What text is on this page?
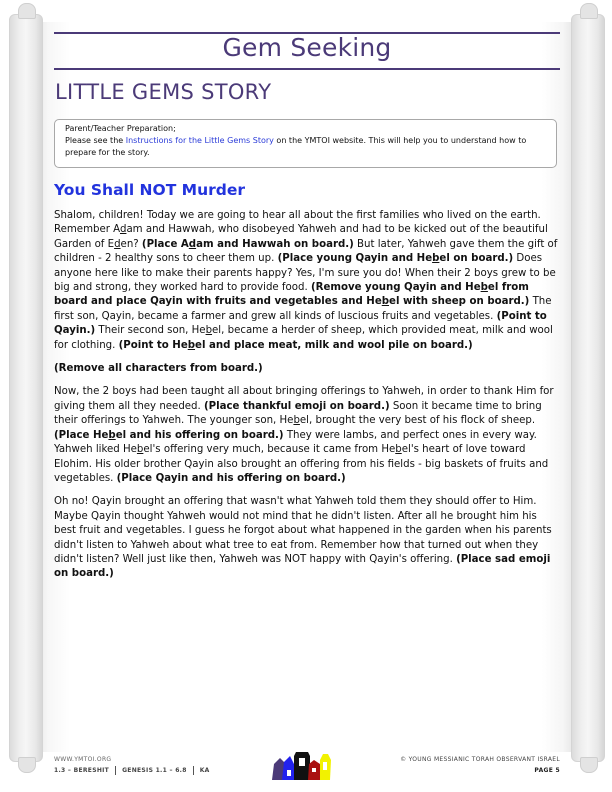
Gem Seeking
LITTLE GEMS STORY
Parent/Teacher Preparation;
Please see the Instructions for the Little Gems Story on the YMTOI website. This will help you to understand how to prepare for the story.
You Shall NOT Murder

Shalom, children! Today we are going to hear all about the first families who lived on the earth. Remember Adam and Hawwah, who disobeyed Yahweh and had to be kicked out of the beautiful Garden of Eden? (Place Adam and Hawwah on board.) But later, Yahweh gave them the gift of children - 2 healthy sons to cheer them up. (Place young Qayin and Hebel on board.) Does anyone here like to make their parents happy? Yes, I'm sure you do! When their 2 boys grew to be big and strong, they worked hard to provide food. (Remove young Qayin and Hebel from board and place Qayin with fruits and vegetables and Hebel with sheep on board.) The first son, Qayin, became a farmer and grew all kinds of luscious fruits and vegetables. (Point to Qayin.) Their second son, Hebel, became a herder of sheep, which provided meat, milk and wool for clothing. (Point to Hebel and place meat, milk and wool pile on board.)

(Remove all characters from board.)

Now, the 2 boys had been taught all about bringing offerings to Yahweh, in order to thank Him for giving them all they needed. (Place thankful emoji on board.) Soon it became time to bring their offerings to Yahweh. The younger son, Hebel, brought the very best of his flock of sheep. (Place Hebel and his offering on board.) They were lambs, and perfect ones in every way. Yahweh liked Hebel's offering very much, because it came from Hebel's heart of love toward Elohim. His older brother Qayin also brought an offering from his fields - big baskets of fruits and vegetables. (Place Qayin and his offering on board.)

Oh no! Qayin brought an offering that wasn't what Yahweh told them they should offer to Him. Maybe Qayin thought Yahweh would not mind that he didn't listen. After all he brought him his best fruit and vegetables. I guess he forgot about what happened in the garden when his parents didn't listen to Yahweh about what tree to eat from. Remember how that turned out when they didn't listen? Well just like then, Yahweh was NOT happy with Qayin's offering. (Place sad emoji on board.)

WWW.YMTOI.ORG
1.3 – BERESHIT GENESIS 1.1 – 6.8 KA
© YOUNG MESSIANIC TORAH OBSERVANT ISRAEL
PAGE 5
